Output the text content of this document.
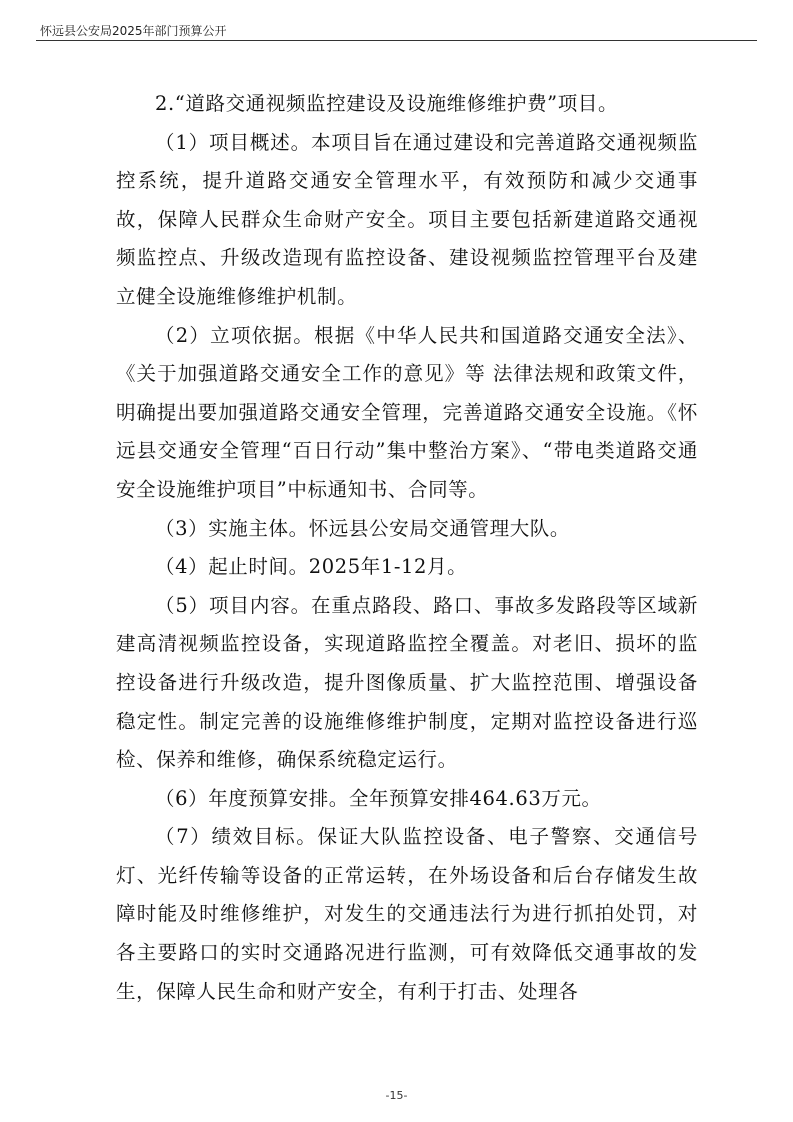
怀远县公安局2025年部门预算公开

2.“道路交通视频监控建设及设施维修维护费”项目。

（1）项目概述。本项目旨在通过建设和完善道路交通视频监控系统，提升道路交通安全管理水平，有效预防和减少交通事故，保障人民群众生命财产安全。项目主要包括新建道路交通视频监控点、升级改造现有监控设备、建设视频监控管理平台及建立健全设施维修维护机制。

（2）立项依据。根据《中华人民共和国道路交通安全法》、《关于加强道路交通安全工作的意见》等 法律法规和政策文件，明确提出要加强道路交通安全管理，完善道路交通安全设施。《怀远县交通安全管理“百日行动”集中整治方案》、“带电类道路交通安全设施维护项目”中标通知书、合同等。

（3）实施主体。怀远县公安局交通管理大队。

（4）起止时间。2025年1-12月。

（5）项目内容。在重点路段、路口、事故多发路段等区域新建高清视频监控设备，实现道路监控全覆盖。对老旧、损坏的监控设备进行升级改造，提升图像质量、扩大监控范围、增强设备稳定性。制定完善的设施维修维护制度，定期对监控设备进行巡检、保养和维修，确保系统稳定运行。

（6）年度预算安排。全年预算安排464.63万元。

（7）绩效目标。保证大队监控设备、电子警察、交通信号灯、光纤传输等设备的正常运转，在外场设备和后台存储发生故障时能及时维修维护，对发生的交通违法行为进行抓拍处罚，对各主要路口的实时交通路况进行监测，可有效降低交通事故的发生，保障人民生命和财产安全，有利于打击、处理各

-15-
